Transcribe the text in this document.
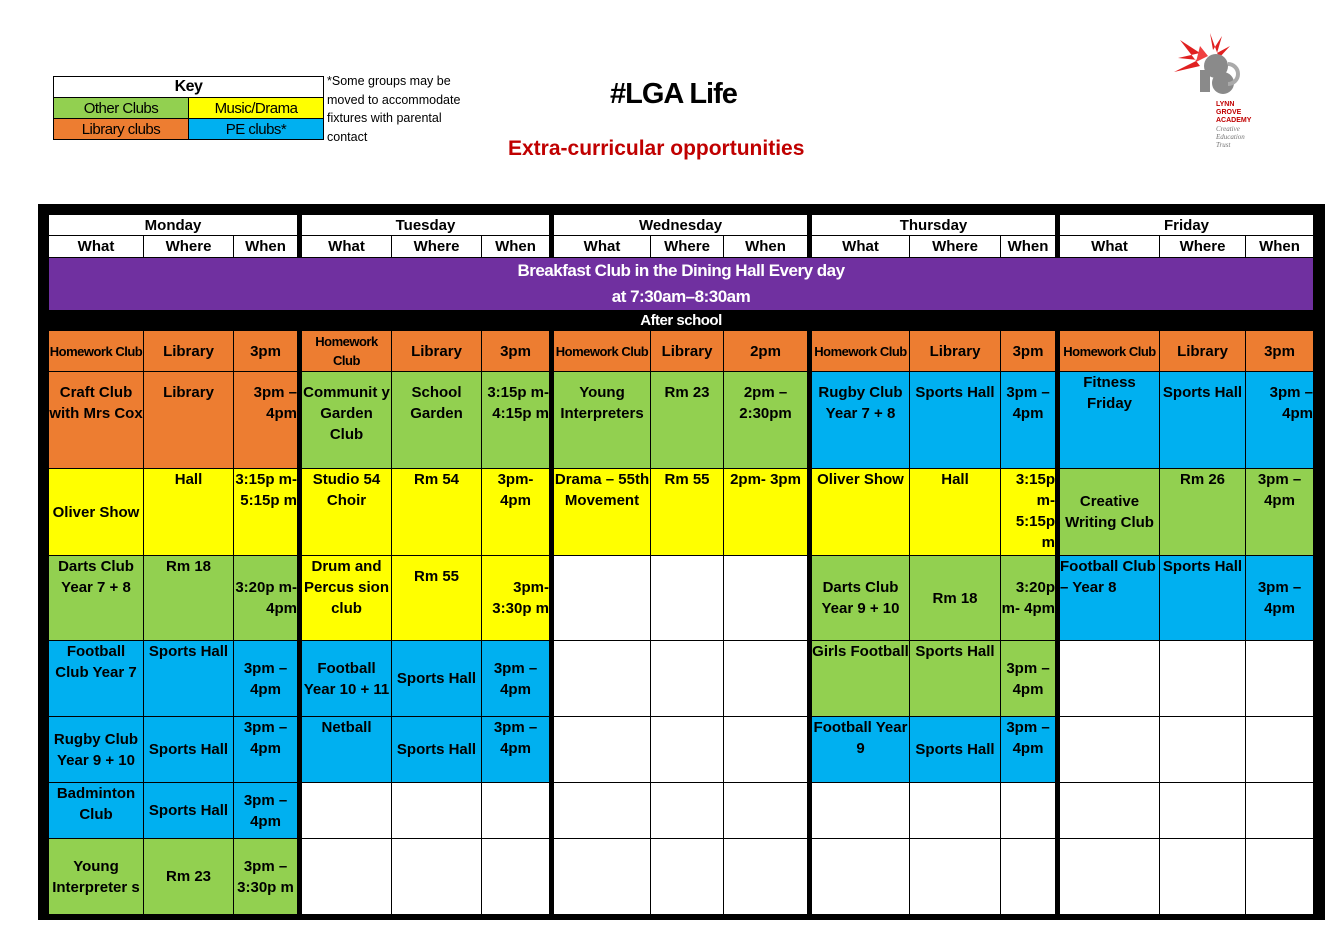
Key	
Other Clubs	Music/Drama
Library clubs	PE clubs*
*Some groups may be moved to accommodate fixtures with parental contact
#LGA Life
Extra-curricular opportunities
LYNN GROVE
ACADEMY
Creative
Education
Trust
Monday				Tuesday				Wednesday				Thursday				Friday		
What	Where	When		What	Where	When		What	Where	When		What	Where	When		What	Where	When

Breakfast Club in the Dining Hall Every day
at 7:30am–8:30am																		

After school																		
Homework Club	Library	3pm		Homework Club	Library	3pm		Homework Club	Library	2pm		Homework Club	Library	3pm		Homework Club	Library	3pm
Craft Club with Mrs Cox	Library	3pm – 4pm		Communit y Garden Club	School Garden	3:15p m- 4:15p m		Young Interpreters	Rm 23	2pm – 2:30pm		Rugby Club Year 7 + 8	Sports Hall	3pm – 4pm		Fitness Friday	Sports Hall	3pm – 4pm
Oliver Show	Hall	3:15p m- 5:15p m		Studio 54 Choir	Rm 54	3pm- 4pm		Drama – 55th Movement	Rm 55	2pm- 3pm		Oliver Show	Hall	3:15p m- 5:15p m		Creative Writing Club	Rm 26	3pm – 4pm
Darts Club Year 7 + 8	Rm 18	3:20p m- 4pm		Drum and Percus sion club	Rm 55	3pm- 3:30p m						Darts Club Year 9 + 10	Rm 18	3:20p m- 4pm		Football Club – Year 8	Sports Hall	3pm – 4pm
Football Club Year 7	Sports Hall	3pm – 4pm		Football Year 10 + 11	Sports Hall	3pm – 4pm						Girls Football	Sports Hall	3pm – 4pm				
Rugby Club Year 9 + 10	Sports Hall	3pm – 4pm		Netball	Sports Hall	3pm – 4pm						Football Year 9	Sports Hall	3pm – 4pm				
Badminton Club	Sports Hall	3pm – 4pm																
Young Interpreter s	Rm 23	3pm – 3:30p m																
